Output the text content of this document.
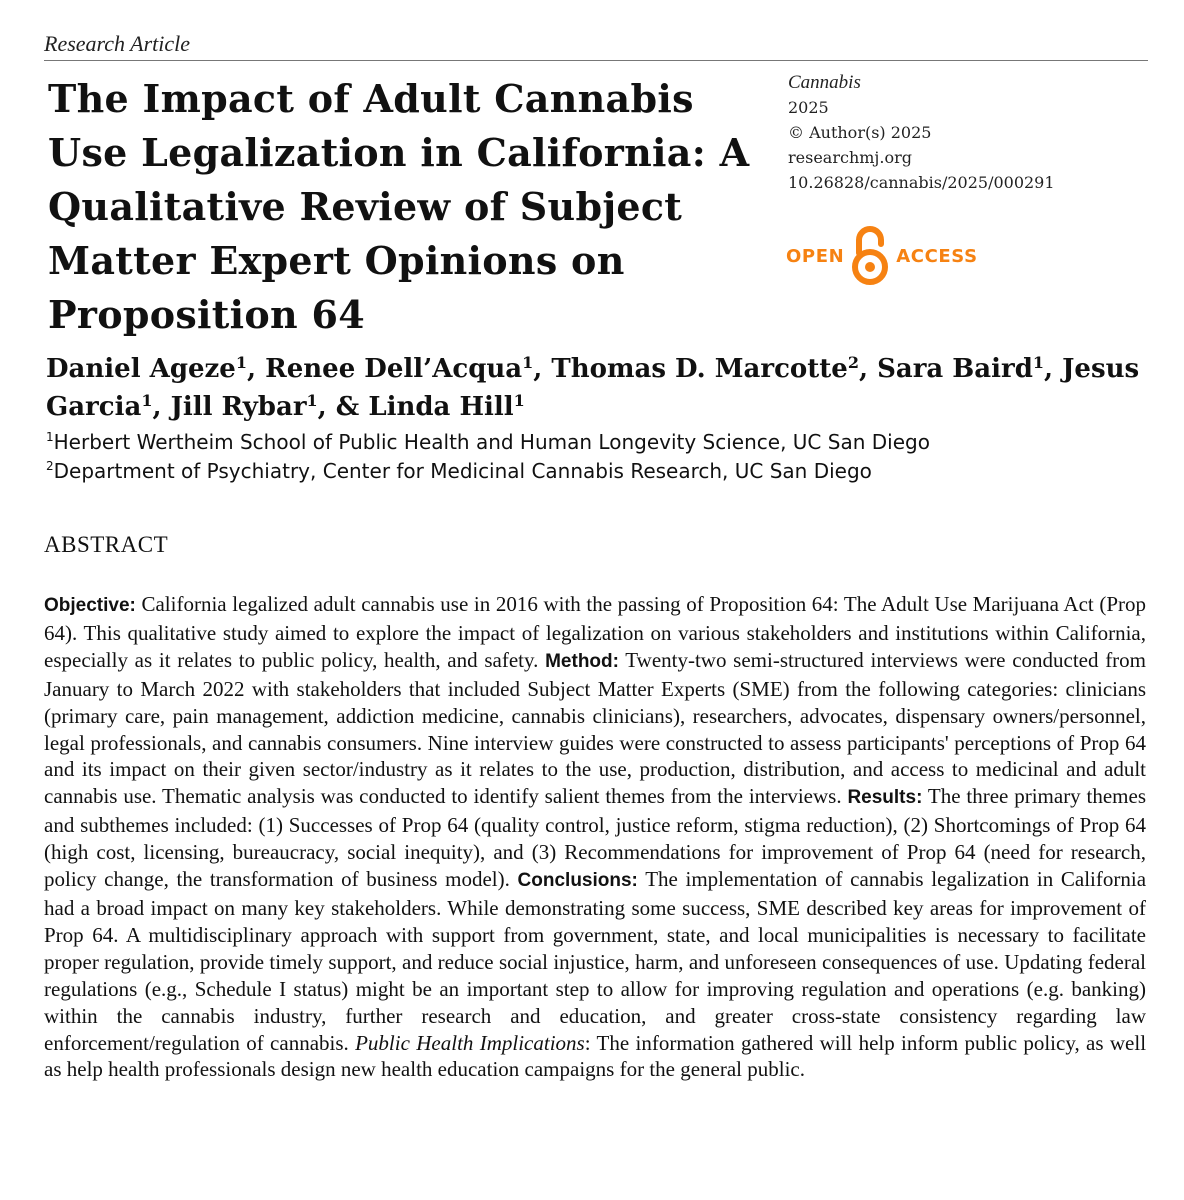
Research Article
The Impact of Adult Cannabis Use Legalization in California: A Qualitative Review of Subject Matter Expert Opinions on Proposition 64
Cannabis
2025
© Author(s) 2025
researchmj.org
10.26828/cannabis/2025/000291
OPEN	ACCESS

Daniel Ageze$^1$, Renee Dell’Acqua$^1$, Thomas D. Marcotte$^2$, Sara Baird$^1$, Jesus Garcia$^1$, Jill Rybar$^1$, & Linda Hill$^1$

$^1$Herbert Wertheim School of Public Health and Human Longevity Science, UC San Diego
$^2$Department of Psychiatry, Center for Medicinal Cannabis Research, UC San Diego
ABSTRACT

Objective: California legalized adult cannabis use in 2016 with the passing of Proposition 64: The Adult Use Marijuana Act (Prop 64). This qualitative study aimed to explore the impact of legalization on various stakeholders and institutions within California, especially as it relates to public policy, health, and safety. Method: Twenty-two semi-structured interviews were conducted from January to March 2022 with stakeholders that included Subject Matter Experts (SME) from the following categories: clinicians (primary care, pain management, addiction medicine, cannabis clinicians), researchers, advocates, dispensary owners/personnel, legal professionals, and cannabis consumers. Nine interview guides were constructed to assess participants' perceptions of Prop 64 and its impact on their given sector/industry as it relates to the use, production, distribution, and access to medicinal and adult cannabis use. Thematic analysis was conducted to identify salient themes from the interviews. Results: The three primary themes and subthemes included: (1) Successes of Prop 64 (quality control, justice reform, stigma reduction), (2) Shortcomings of Prop 64 (high cost, licensing, bureaucracy, social inequity), and (3) Recommendations for improvement of Prop 64 (need for research, policy change, the transformation of business model). Conclusions: The implementation of cannabis legalization in California had a broad impact on many key stakeholders. While demonstrating some success, SME described key areas for improvement of Prop 64. A multidisciplinary approach with support from government, state, and local municipalities is necessary to facilitate proper regulation, provide timely support, and reduce social injustice, harm, and unforeseen consequences of use. Updating federal regulations (e.g., Schedule I status) might be an important step to allow for improving regulation and operations (e.g. banking) within the cannabis industry, further research and education, and greater cross-state consistency regarding law enforcement/regulation of cannabis. Public Health Implications: The information gathered will help inform public policy, as well as help health professionals design new health education campaigns for the general public.
